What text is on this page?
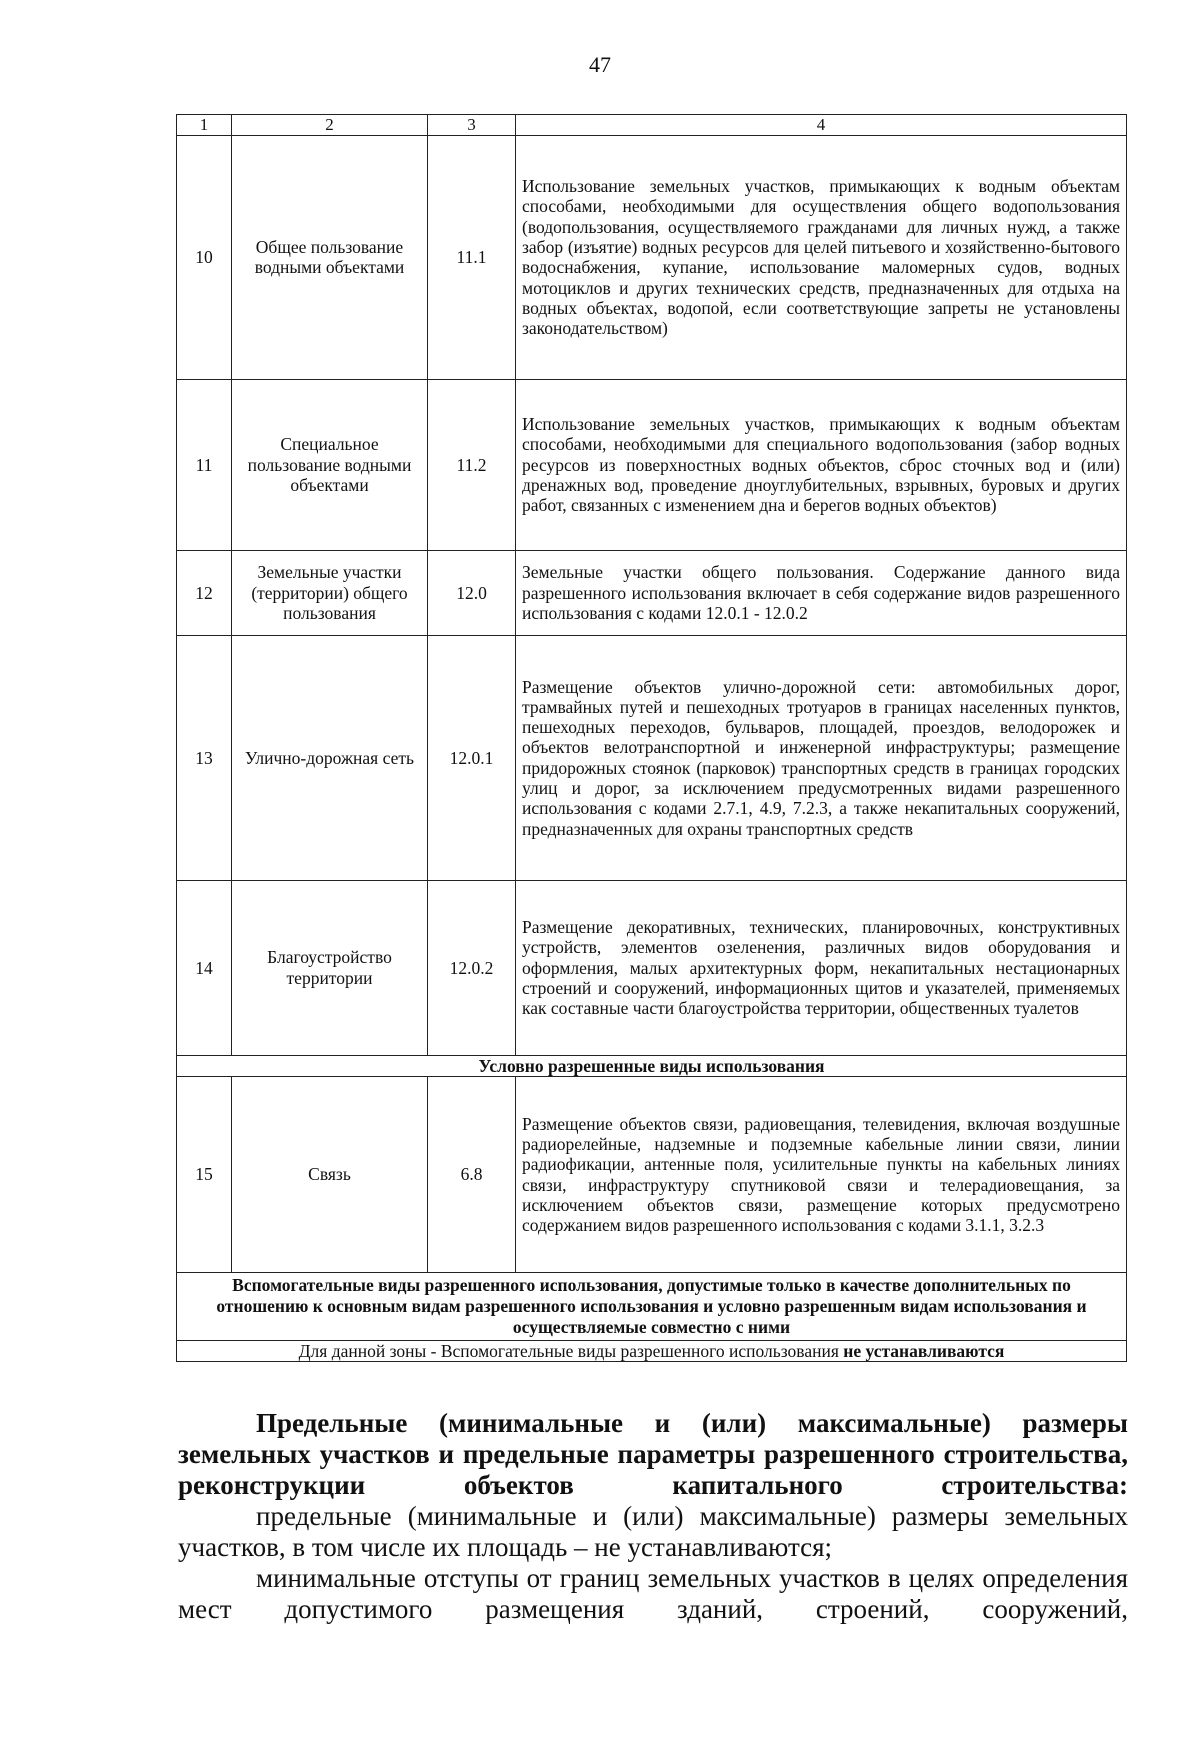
47
1	2	3	4
10	Общее пользование водными объектами	11.1	Использование земельных участков, примыкающих к водным объектам способами, необходимыми для осуществления общего водопользования (водопользования, осуществляемого гражданами для личных нужд, а также забор (изъятие) водных ресурсов для целей питьевого и хозяйственно-бытового водоснабжения, купание, использование маломерных судов, водных мотоциклов и других технических средств, предназначенных для отдыха на водных объектах, водопой, если соответствующие запреты не установлены законодательством)
11	Специальное пользование водными объектами	11.2	Использование земельных участков, примыкающих к водным объектам способами, необходимыми для специального водопользования (забор водных ресурсов из поверхностных водных объектов, сброс сточных вод и (или) дренажных вод, проведение дноуглубительных, взрывных, буровых и других работ, связанных с изменением дна и берегов водных объектов)
12	Земельные участки (территории) общего пользования	12.0	Земельные участки общего пользования. Содержание данного вида разрешенного использования включает в себя содержание видов разрешенного использования с кодами 12.0.1 - 12.0.2
13	Улично-дорожная сеть	12.0.1	Размещение объектов улично-дорожной сети: автомобильных дорог, трамвайных путей и пешеходных тротуаров в границах населенных пунктов, пешеходных переходов, бульваров, площадей, проездов, велодорожек и объектов велотранспортной и инженерной инфраструктуры; размещение придорожных стоянок (парковок) транспортных средств в границах городских улиц и дорог, за исключением предусмотренных видами разрешенного использования с кодами 2.7.1, 4.9, 7.2.3, а также некапитальных сооружений, предназначенных для охраны транспортных средств
14	Благоустройство территории	12.0.2	Размещение декоративных, технических, планировочных, конструктивных устройств, элементов озеленения, различных видов оборудования и оформления, малых архитектурных форм, некапитальных нестационарных строений и сооружений, информационных щитов и указателей, применяемых как составные части благоустройства территории, общественных туалетов
Условно разрешенные виды использования			
15	Связь	6.8	Размещение объектов связи, радиовещания, телевидения, включая воздушные радиорелейные, надземные и подземные кабельные линии связи, линии радиофикации, антенные поля, усилительные пункты на кабельных линиях связи, инфраструктуру спутниковой связи и телерадиовещания, за исключением объектов связи, размещение которых предусмотрено содержанием видов разрешенного использования с кодами 3.1.1, 3.2.3
Вспомогательные виды разрешенного использования, допустимые только в качестве дополнительных по отношению к основным видам разрешенного использования и условно разрешенным видам использования и осуществляемые совместно с ними			
Для данной зоны - Вспомогательные виды разрешенного использования не устанавливаются			

Предельные (минимальные и (или) максимальные) размеры земельных участков и предельные параметры разрешенного строительства, реконструкции объектов капитального строительства:

предельные (минимальные и (или) максимальные) размеры земельных участков, в том числе их площадь – не устанавливаются;

минимальные отступы от границ земельных участков в целях определения мест допустимого размещения зданий, строений, сооружений,
